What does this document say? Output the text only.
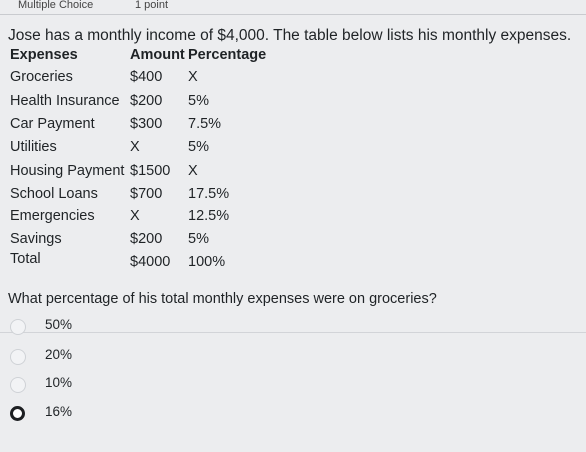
Multiple Choice	1 point
Jose has a monthly income of $4,000. The table below lists his monthly expenses.
Expenses	Amount Percentage
Groceries	$400 X
Health Insurance $200 5%
Car Payment $300 7.5%
Utilities	X	5%
Housing Payment $1500 X
School Loans $700 17.5%
Emergencies X	12.5%
Savings	$200 5%
Total	$4000 100%
What percentage of his total monthly expenses were on groceries?
50%
20%
10%
16%
